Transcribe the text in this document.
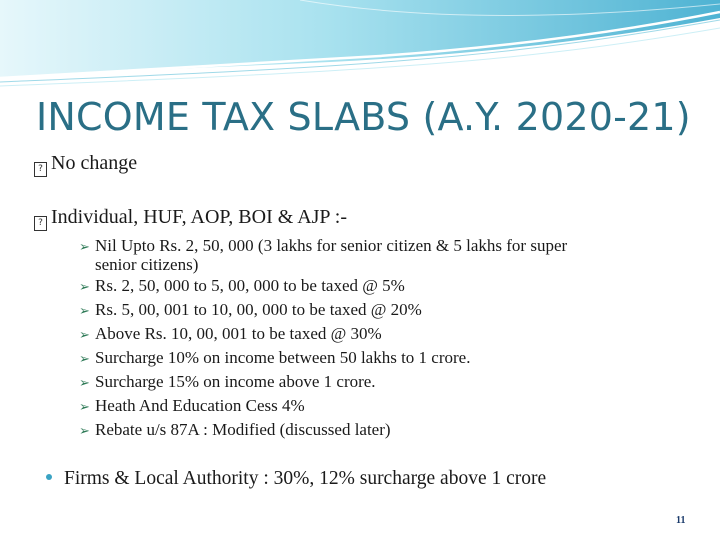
INCOME TAX SLABS (A.Y. 2020-21)
? No change
? Individual, HUF, AOP, BOI & AJP :-
➢ Nil Upto Rs. 2, 50, 000 (3 lakhs for senior citizen & 5 lakhs for super
senior citizens)
➢ Rs. 2, 50, 000 to 5, 00, 000 to be taxed @ 5%
➢ Rs. 5, 00, 001 to 10, 00, 000 to be taxed @ 20%
➢ Above Rs. 10, 00, 001 to be taxed @ 30%
➢ Surcharge 10% on income between 50 lakhs to 1 crore.
➢ Surcharge 15% on income above 1 crore.
➢ Heath And Education Cess 4%
➢ Rebate u/s 87A : Modified (discussed later)
Firms & Local Authority : 30%, 12% surcharge above 1 crore
11
